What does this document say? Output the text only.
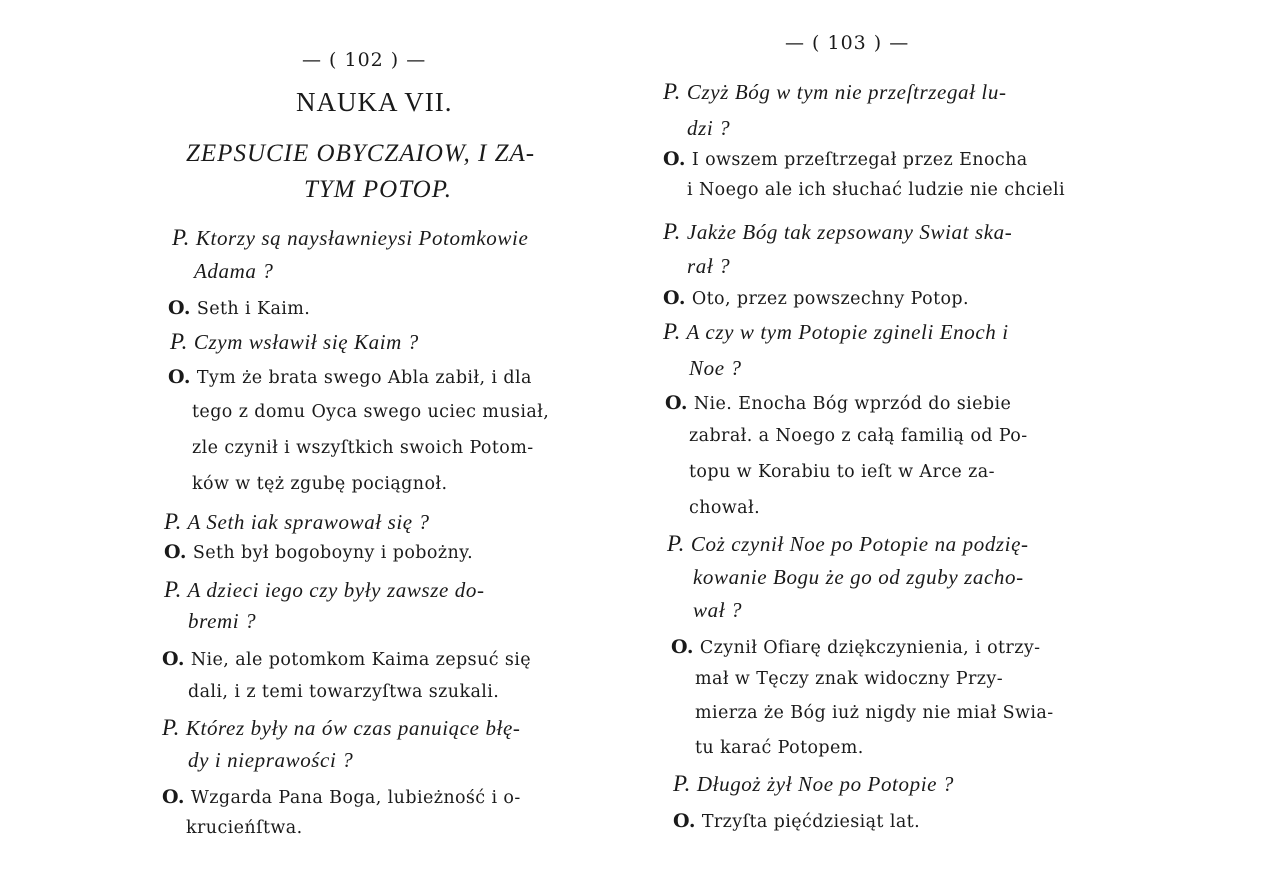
— ( 102 ) —
NAUKA VII.
ZEPSUCIE OBYCZAIOW, I ZA-
TYM POTOP.
P. Ktorzy są naysławnieysi Potomkowie
Adama ?
O. Seth i Kaim.
P. Czym wsławił się Kaim ?
O. Tym że brata swego Abla zabił, i dla
tego z domu Oyca swego uciec musiał,
zle czynił i wszyſtkich swoich Potom-
ków w tęż zgubę pociągnoł.
P. A Seth iak sprawował się ?
O. Seth był bogoboyny i pobożny.
P. A dzieci iego czy były zawsze do-
bremi ?
O. Nie, ale potomkom Kaima zepsuć się
dali, i z temi towarzyſtwa szukali.
P. Którez były na ów czas panuiące błę-
dy i nieprawości ?
O. Wzgarda Pana Boga, lubieżność i o-
krucieńſtwa.
— ( 103 ) —
P. Czyż Bóg w tym nie przeſtrzegał lu-
dzi ?
O. I owszem przeſtrzegał przez Enocha
i Noego ale ich słuchać ludzie nie chcieli
P. Jakże Bóg tak zepsowany Swiat ska-
rał ?
O. Oto, przez powszechny Potop.
P. A czy w tym Potopie zgineli Enoch i
Noe ?
O. Nie. Enocha Bóg wprzód do siebie
zabrał. a Noego z całą familią od Po-
topu w Korabiu to ieſt w Arce za-
chował.
P. Coż czynił Noe po Potopie na podzię-
kowanie Bogu że go od zguby zacho-
wał ?
O. Czynił Ofiarę dziękczynienia, i otrzy-
mał w Tęczy znak widoczny Przy-
mierza że Bóg iuż nigdy nie miał Swia-
tu karać Potopem.
P. Długoż żył Noe po Potopie ?
O. Trzyſta pięćdziesiąt lat.
